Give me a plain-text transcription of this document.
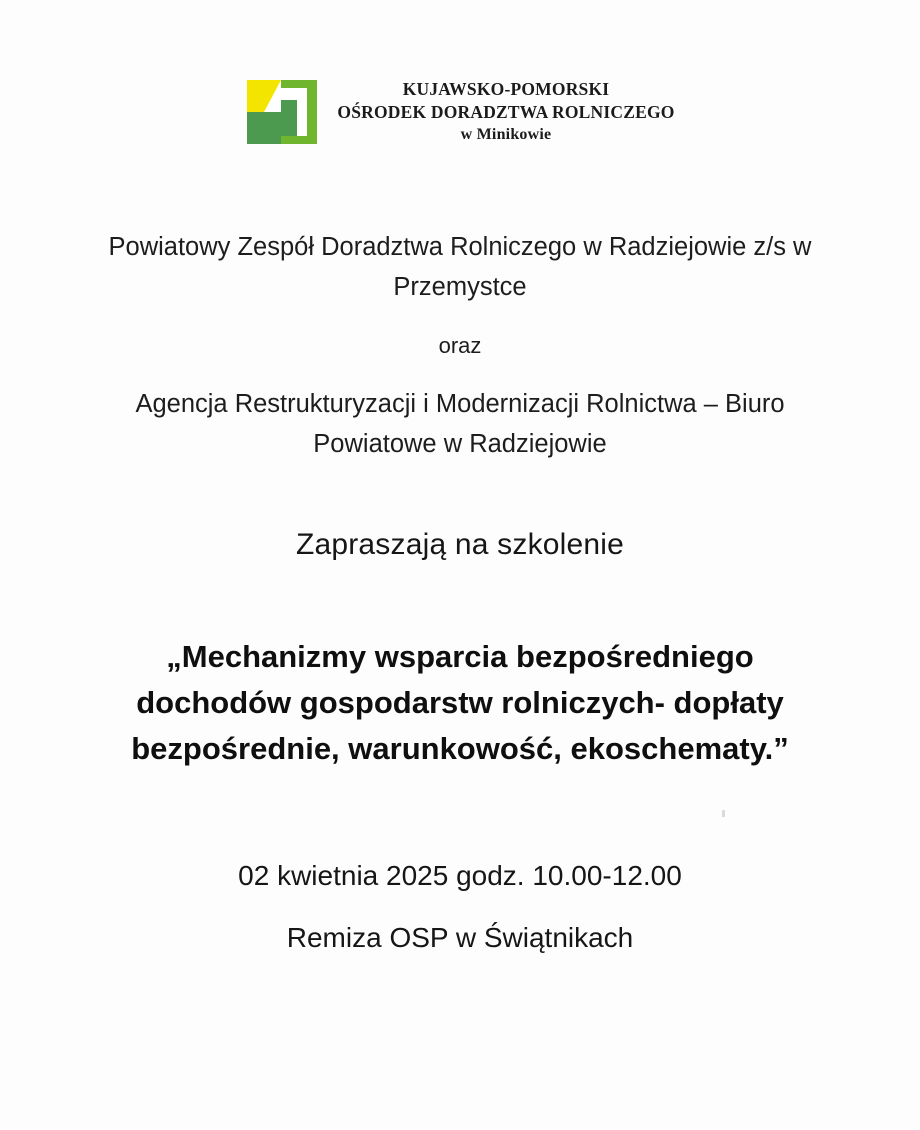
KUJAWSKO-POMORSKI
OŚRODEK DORADZTWA ROLNICZEGO
w Minikowie
Powiatowy Zespół Doradztwa Rolniczego w Radziejowie z/s w Przemystce
oraz
Agencja Restrukturyzacji i Modernizacji Rolnictwa – Biuro Powiatowe w Radziejowie
Zapraszają na szkolenie
„Mechanizmy wsparcia bezpośredniego dochodów gospodarstw rolniczych- dopłaty bezpośrednie, warunkowość, ekoschematy.”
02 kwietnia 2025 godz. 10.00-12.00
Remiza OSP w Świątnikach
